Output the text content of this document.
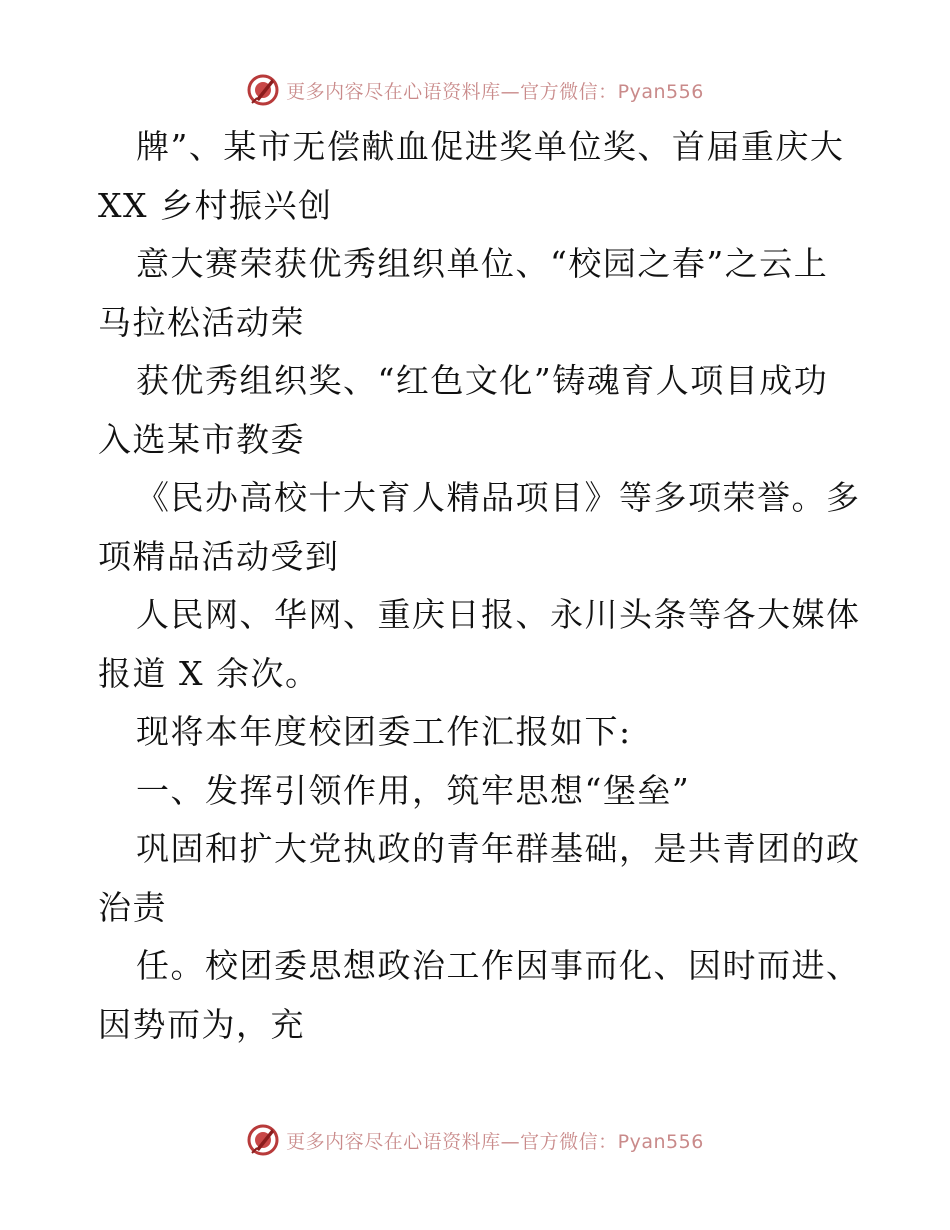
更多内容尽在心语资料库—官方微信：Pyan556
牌”、某市无偿献血促进奖单位奖、首届重庆大
XX 乡村振兴创
意大赛荣获优秀组织单位、“校园之春”之云上
马拉松活动荣
获优秀组织奖、“红色文化”铸魂育人项目成功
入选某市教委
《民办高校十大育人精品项目》等多项荣誉。多
项精品活动受到
人民网、华网、重庆日报、永川头条等各大媒体
报道 X 余次。
现将本年度校团委工作汇报如下:
一、发挥引领作用，筑牢思想“堡垒”
巩固和扩大党执政的青年群基础，是共青团的政
治责
任。校团委思想政治工作因事而化、因时而进、
因势而为，充
更多内容尽在心语资料库—官方微信：Pyan556
